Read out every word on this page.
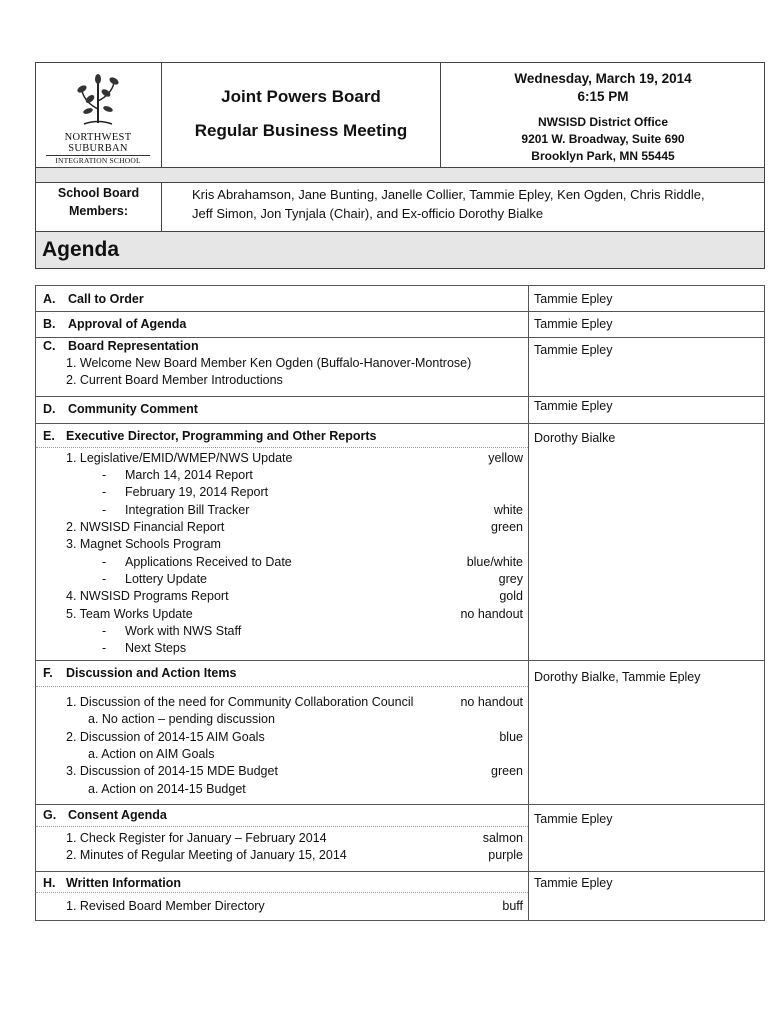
NORTHWEST SUBURBAN
INTEGRATION SCHOOL
Joint Powers Board
Regular Business Meeting
Wednesday, March 19, 2014
6:15 PM
NWSISD District Office
9201 W. Broadway, Suite 690
Brooklyn Park, MN 55445
School Board
Members:
Kris Abrahamson, Jane Bunting, Janelle Collier, Tammie Epley, Ken Ogden, Chris Riddle,
Jeff Simon, Jon Tynjala (Chair), and Ex-officio Dorothy Bialke
Agenda
A. Call to Order	Tammie Epley
B. Approval of Agenda	Tammie Epley
C. Board Representation	Tammie Epley
1. Welcome New Board Member Ken Ogden (Buffalo-Hanover-Montrose)
2. Current Board Member Introductions
D. Community Comment	Tammie Epley
E. Executive Director, Programming and Other Reports	Dorothy Bialke
1. Legislative/EMID/WMEP/NWS Update	yellow
- March 14, 2014 Report
- February 19, 2014 Report
- Integration Bill Tracker	white
2. NWSISD Financial Report	green
3. Magnet Schools Program
- Applications Received to Date	blue/white
- Lottery Update	grey
4. NWSISD Programs Report	gold
5. Team Works Update	no handout
- Work with NWS Staff
- Next Steps
F. Discussion and Action Items	Dorothy Bialke, Tammie Epley
1. Discussion of the need for Community Collaboration Council	no handout
a. No action – pending discussion
2. Discussion of 2014-15 AIM Goals	blue
a. Action on AIM Goals
3. Discussion of 2014-15 MDE Budget	green
a. Action on 2014-15 Budget
G. Consent Agenda	Tammie Epley
1. Check Register for January – February 2014	salmon
2. Minutes of Regular Meeting of January 15, 2014	purple
H. Written Information	Tammie Epley
1. Revised Board Member Directory	buff
